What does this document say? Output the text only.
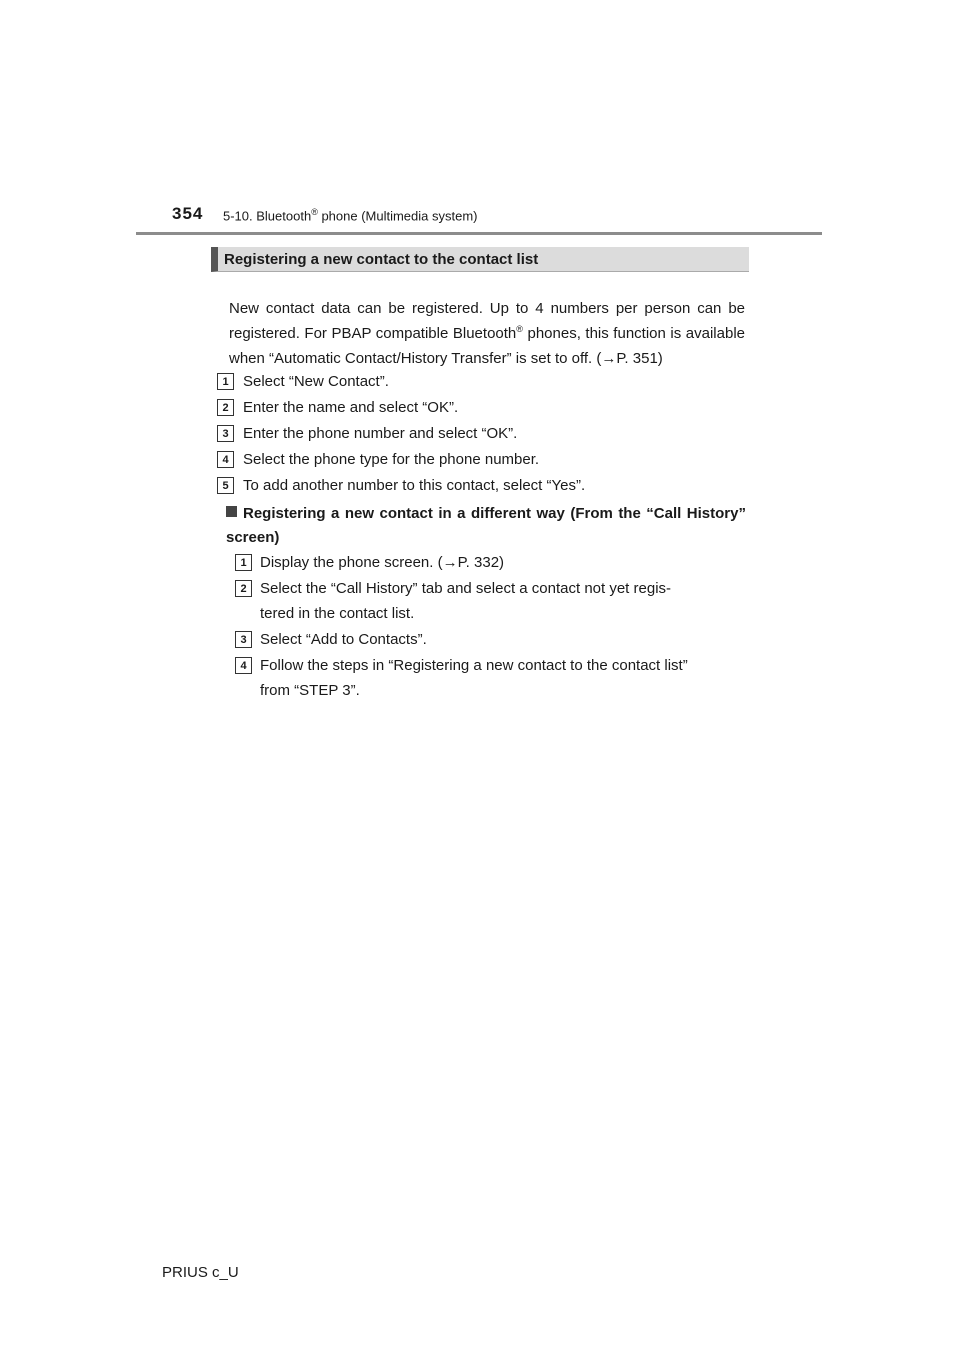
354 5-10. Bluetooth® phone (Multimedia system)
Registering a new contact to the contact list
New contact data can be registered. Up to 4 numbers per person can be registered. For PBAP compatible Bluetooth® phones, this function is available when “Automatic Contact/History Transfer” is set to off. (→P. 351)
1 Select “New Contact”.
2 Enter the name and select “OK”.
3 Enter the phone number and select “OK”.
4 Select the phone type for the phone number.
5 To add another number to this contact, select “Yes”.
Registering a new contact in a different way (From the “Call History” screen)
1 Display the phone screen. (→P. 332)
2 Select the “Call History” tab and select a contact not yet regis-
tered in the contact list.
3 Select “Add to Contacts”.
4 Follow the steps in “Registering a new contact to the contact list”
from “STEP 3”.
PRIUS c_U
